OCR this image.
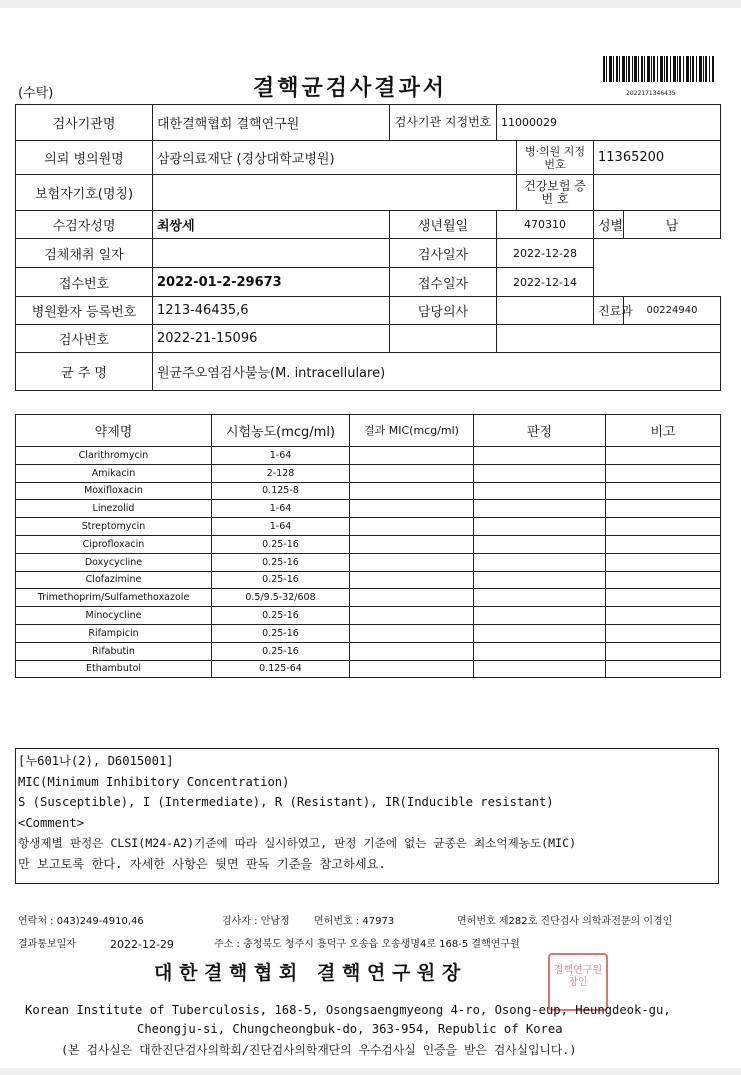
(수탁)	결핵균검사결과서	2022171346435
검사기관명	대한결핵협회 결핵연구원	검사기관 지정번호	11000029			
의뢰 병의원명	삼광의료재단 (경상대학교병원)			병·의원 지정번호	11365200	
보험자기호(명칭)				건강보험 증 번 호		
수검자성명	최쌍세	생년월일	470310		성별	남
검체채취 일자		검사일자	2022-12-28			
접수번호	2022-01-2-29673	접수일자	2022-12-14			
병원환자 등록번호	1213-46435,6	담당의사			진료과	00224940
검사번호	2022-21-15096					
균 주 명	원균주오염검사불능(M. intracellulare)					
약제명	시험농도(mcg/ml)	결과 MIC(mcg/ml)	판정	비고
Clarithromycin	1-64			
Amikacin	2-128			
Moxifloxacin	0.125-8			
Linezolid	1-64			
Streptomycin	1-64			
Ciprofloxacin	0.25-16			
Doxycycline	0.25-16			
Clofazimine	0.25-16			
Trimethoprim/Sulfamethoxazole	0.5/9.5-32/608			
Minocycline	0.25-16			
Rifampicin	0.25-16			
Rifabutin	0.25-16			
Ethambutol	0.125-64			
[누601나(2), D6015001]
MIC(Minimum Inhibitory Concentration)
S (Susceptible), I (Intermediate), R (Resistant), IR(Inducible resistant)
<Comment>
항생제별 판정은 CLSI(M24-A2)기준에 따라 실시하였고, 판정 기준에 없는 균종은 최소억제농도(MIC)
만 보고토록 한다. 자세한 사항은 뒷면 판독 기준을 참고하세요.
연락처 : 043)249-4910,46	검사자 : 안남정 면허번호 : 47973	면허번호 제282호 진단검사 의학과전문의 이경인
결과통보일자	2022-12-29	주소 : 충청북도 청주시 흥덕구 오송읍 오송생명4로 168-5 결핵연구원
대 한 결 핵 협 회   결 핵 연 구 원 장	결핵연구원장인
Korean Institute of Tuberculosis, 168-5, Osongsaengmyeong 4-ro, Osong-eup, Heungdeok-gu,
Cheongju-si, Chungcheongbuk-do, 363-954, Republic of Korea
(본 검사실은 대한진단검사의학회/진단검사의학재단의 우수검사실 인증을 받은 검사실입니다.)
